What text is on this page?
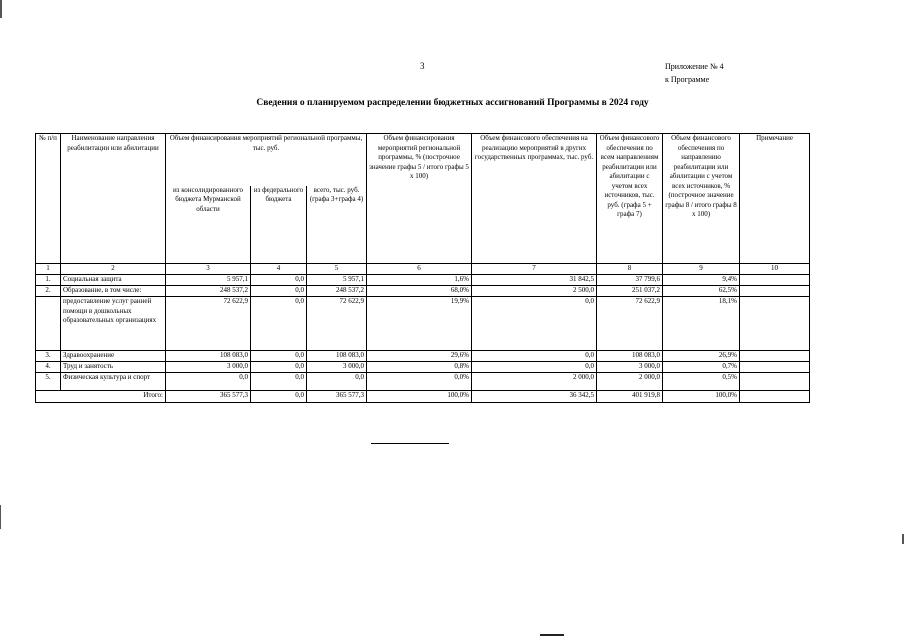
3	Приложение № 4
к Программе
Сведения о планируемом распределении бюджетных ассигнований Программы в 2024 году
№ п/п	Наименование направления реабилитации или абилитации	Объем финансирования мероприятий региональной программы, тыс. руб.			Объем финансирования мероприятий региональной программы, % (построчное значение графы 5 / итого графы 5 х 100)	Объем финансового обеспечения на реализацию мероприятий в других государственных программах, тыс. руб.	Объем финансового обеспечения по всем направлениям реабилитации или абилитации с учетом всех источников, тыс. руб. (графа 5 + графа 7)	Объем финансового обеспечения по направлению реабилитации или абилитации с учетом всех источников, % (построчное значение графы 8 / итого графы 8 х 100)	Примечание
		из консолидированного бюджета Мурманской области	из федерального бюджета	всего, тыс. руб. (графа 3+графа 4)					
1	2	3	4	5	6	7	8	9	10
1.	Социальная защита	5 957,1	0,0	5 957,1	1,6%	31 842,5	37 799,6	9,4%	
2.	Образование, в том числе:	248 537,2	0,0	248 537,2	68,0%	2 500,0	251 037,2	62,5%	
	предоставление услуг ранней помощи в дошкольных образовательных организациях	72 622,9	0,0	72 622,9	19,9%	0,0	72 622,9	18,1%	
3.	Здравоохранение	108 083,0	0,0	108 083,0	29,6%	0,0	108 083,0	26,9%	
4.	Труд и занятость	3 000,0	0,0	3 000,0	0,8%	0,0	3 000,0	0,7%	
5.	Физическая культура и спорт	0,0	0,0	0,0	0,0%	2 000,0	2 000,0	0,5%	
Итого:		365 577,3	0,0	365 577,3	100,0%	36 342,5	401 919,8	100,0%	
